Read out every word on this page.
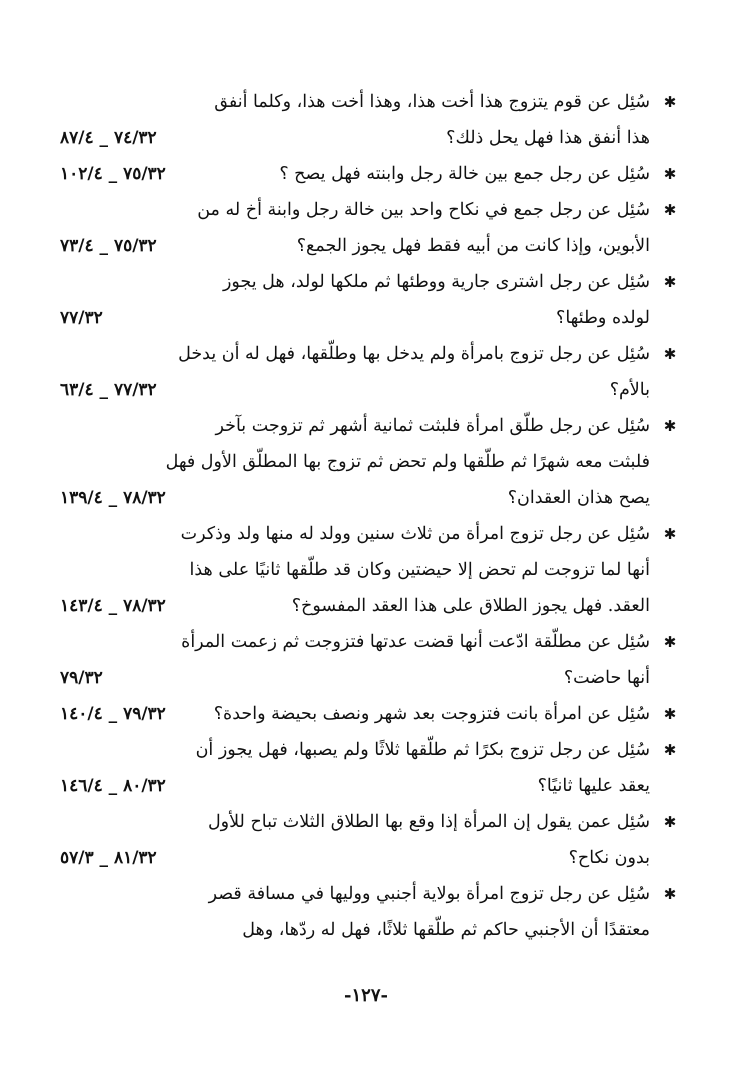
✱
سُئِل عن قوم يتزوج هذا أخت هذا، وهذا أخت هذا، وكلما أنفق
هذا أنفق هذا فهل يحل ذلك؟
٧٤/٣٢ _ ٨٧/٤
✱
سُئِل عن رجل جمع بين خالة رجل وابنته فهل يصح ؟
٧٥/٣٢ _ ١٠٢/٤
✱
سُئِل عن رجل جمع في نكاح واحد بين خالة رجل وابنة أخ له من
الأبوين، وإذا كانت من أبيه فقط فهل يجوز الجمع؟
٧٥/٣٢ _ ٧٣/٤
✱
سُئِل عن رجل اشترى جارية ووطئها ثم ملكها لولد، هل يجوز
لولده وطئها؟
٧٧/٣٢
✱
سُئِل عن رجل تزوج بامرأة ولم يدخل بها وطلّقها، فهل له أن يدخل
بالأم؟
٧٧/٣٢ _ ٦٣/٤
✱
سُئِل عن رجل طلّق امرأة فلبثت ثمانية أشهر ثم تزوجت بآخر
فلبثت معه شهرًا ثم طلّقها ولم تحض ثم تزوج بها المطلّق الأول فهل
يصح هذان العقدان؟
٧٨/٣٢ _ ١٣٩/٤
✱
سُئِل عن رجل تزوج امرأة من ثلاث سنين وولد له منها ولد وذكرت
أنها لما تزوجت لم تحض إلا حيضتين وكان قد طلّقها ثانيًا على هذا
العقد. فهل يجوز الطلاق على هذا العقد المفسوخ؟
٧٨/٣٢ _ ١٤٣/٤
✱
سُئِل عن مطلّقة ادّعت أنها قضت عدتها فتزوجت ثم زعمت المرأة
أنها حاضت؟
٧٩/٣٢
✱
سُئِل عن امرأة بانت فتزوجت بعد شهر ونصف بحيضة واحدة؟
٧٩/٣٢ _ ١٤٠/٤
✱
سُئِل عن رجل تزوج بكرًا ثم طلّقها ثلاثًا ولم يصبها، فهل يجوز أن
يعقد عليها ثانيًا؟
٨٠/٣٢ _ ١٤٦/٤
✱
سُئِل عمن يقول إن المرأة إذا وقع بها الطلاق الثلاث تباح للأول
بدون نكاح؟
٨١/٣٢ _ ٥٧/٣
✱
سُئِل عن رجل تزوج امرأة بولاية أجنبي ووليها في مسافة قصر
معتقدًا أن الأجنبي حاكم ثم طلّقها ثلاثًا، فهل له ردّها، وهل
-١٢٧-
